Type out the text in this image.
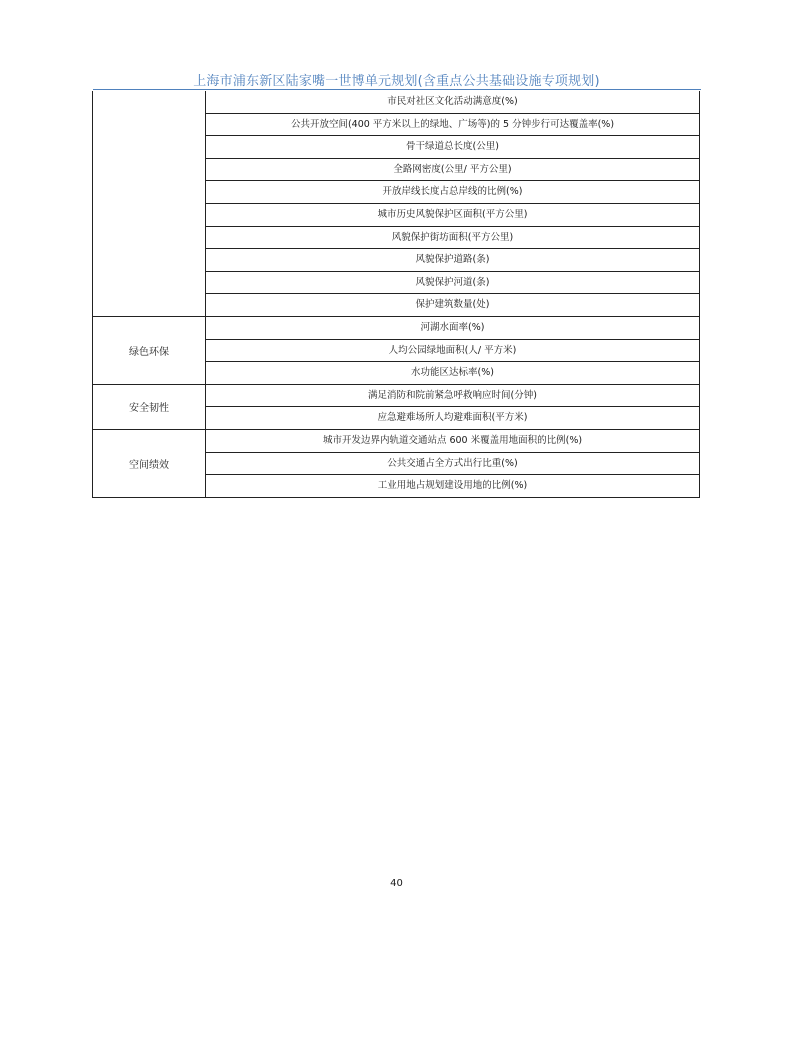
上海市浦东新区陆家嘴一世博单元规划(含重点公共基础设施专项规划)
	市民对社区文化活动满意度(%)
	公共开放空间(400 平方米以上的绿地、广场等)的 5 分钟步行可达覆盖率(%)
	骨干绿道总长度(公里)
	全路网密度(公里/ 平方公里)
	开放岸线长度占总岸线的比例(%)
	城市历史风貌保护区面积(平方公里)
	风貌保护街坊面积(平方公里)
	风貌保护道路(条)
	风貌保护河道(条)
	保护建筑数量(处)
绿色环保	河湖水面率(%)
	人均公园绿地面积(人/ 平方米)
	水功能区达标率(%)
安全韧性	满足消防和院前紧急呼救响应时间(分钟)
	应急避难场所人均避难面积(平方米)
空间绩效	城市开发边界内轨道交通站点 600 米覆盖用地面积的比例(%)
	公共交通占全方式出行比重(%)
	工业用地占规划建设用地的比例(%)
40
